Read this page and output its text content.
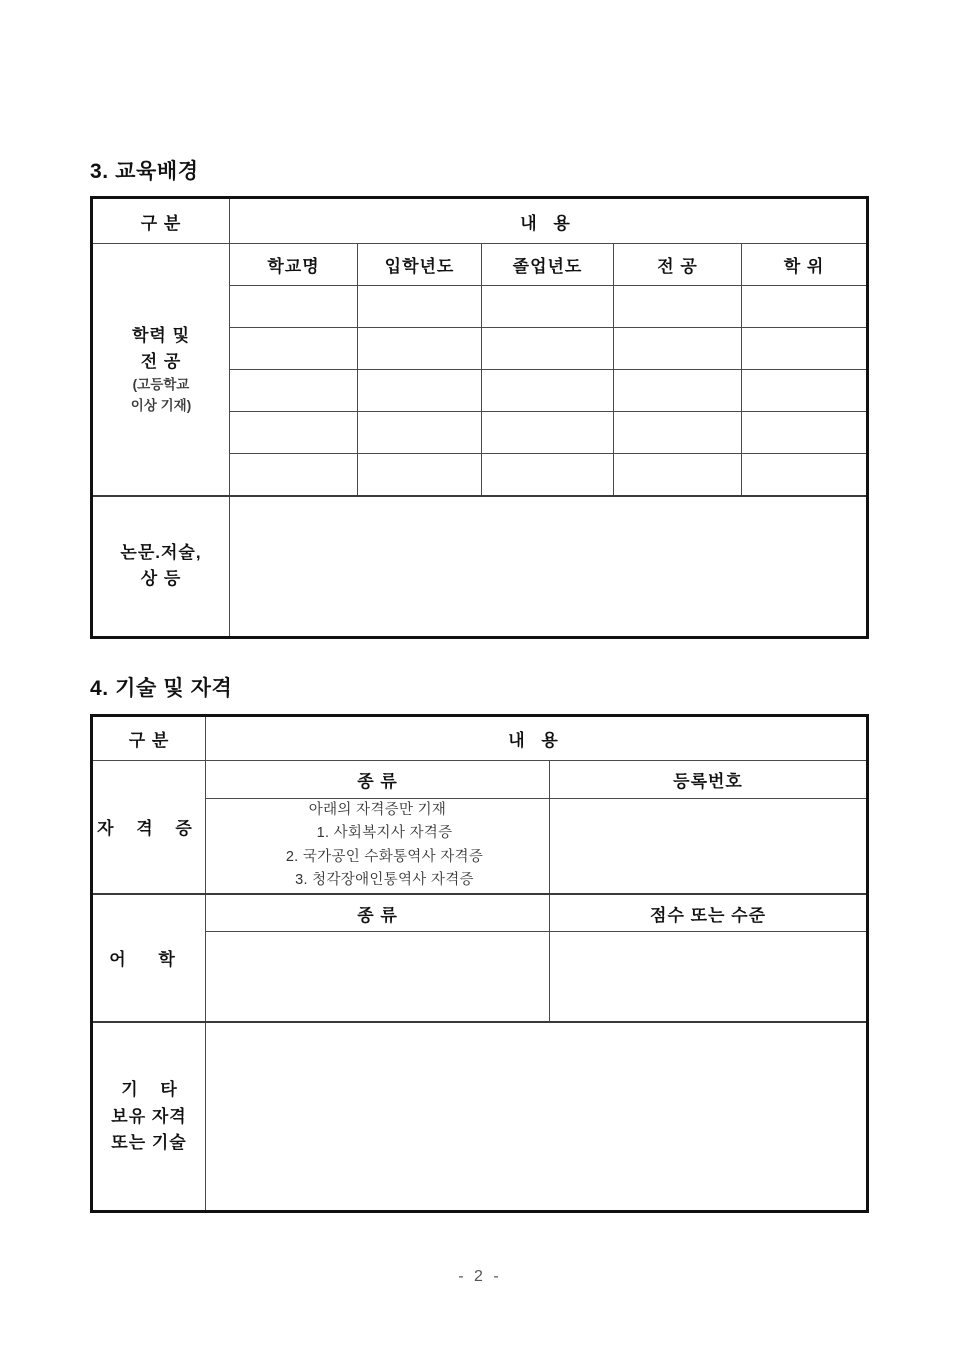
3. 교육배경
구 분	내 용				
학력 및
전 공
(고등학교
이상 기재)	학교명	입학년도	졸업년도	전 공	학 위

논문.저술,
상 등					
4. 기술 및 자격
구 분	내 용	
자 격 증	종 류	등록번호

	아래의 자격증만 기재
1. 사회복지사 자격증
2. 국가공인 수화통역사 자격증
3. 청각장애인통역사 자격증	

어 학	종 류	점수 또는 수준

기 타
보유 자격
또는 기술		
- 2 -
